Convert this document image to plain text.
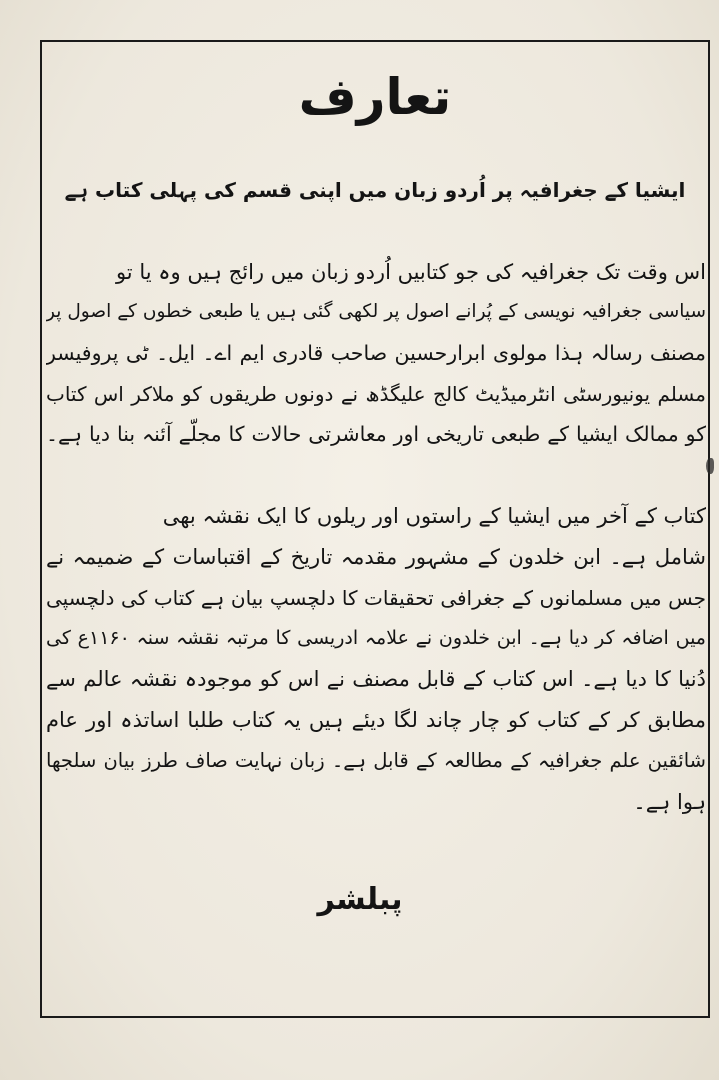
تعارف
ایشیا کے جغرافیہ پر اُردو زبان میں اپنی قسم کی پہلی کتاب ہے

اس وقت تک جغرافیہ کی جو کتابیں اُردو زبان میں رائج ہیں وہ یا تو

سیاسی جغرافیہ نویسی کے پُرانے اصول پر لکھی گئی ہیں یا طبعی خطوں کے اصول پر

مصنف رسالہ ہذا مولوی ابرارحسین صاحب قادری ایم اے۔ ایل۔ ٹی پروفیسر

مسلم یونیورسٹی انٹرمیڈیٹ کالج علیگڈھ نے دونوں طریقوں کو ملاکر اس کتاب

کو ممالک ایشیا کے طبعی تاریخی اور معاشرتی حالات کا مجلّے آئنہ بنا دیا ہے۔

کتاب کے آخر میں ایشیا کے راستوں اور ریلوں کا ایک نقشہ بھی

شامل ہے۔ ابن خلدون کے مشہور مقدمہ تاریخ کے اقتباسات کے ضمیمہ نے

جس میں مسلمانوں کے جغرافی تحقیقات کا دلچسپ بیان ہے کتاب کی دلچسپی

میں اضافہ کر دیا ہے۔ ابن خلدون نے علامہ ادریسی کا مرتبہ نقشہ سنہ ۱۱۶۰ع کی

دُنیا کا دیا ہے۔ اس کتاب کے قابل مصنف نے اس کو موجودہ نقشہ عالم سے

مطابق کر کے کتاب کو چار چاند لگا دیئے ہیں یہ کتاب طلبا اساتذہ اور عام

شائقین علم جغرافیہ کے مطالعہ کے قابل ہے۔ زبان نہایت صاف طرز بیان سلجھا

ہوا ہے۔

پبلشر
